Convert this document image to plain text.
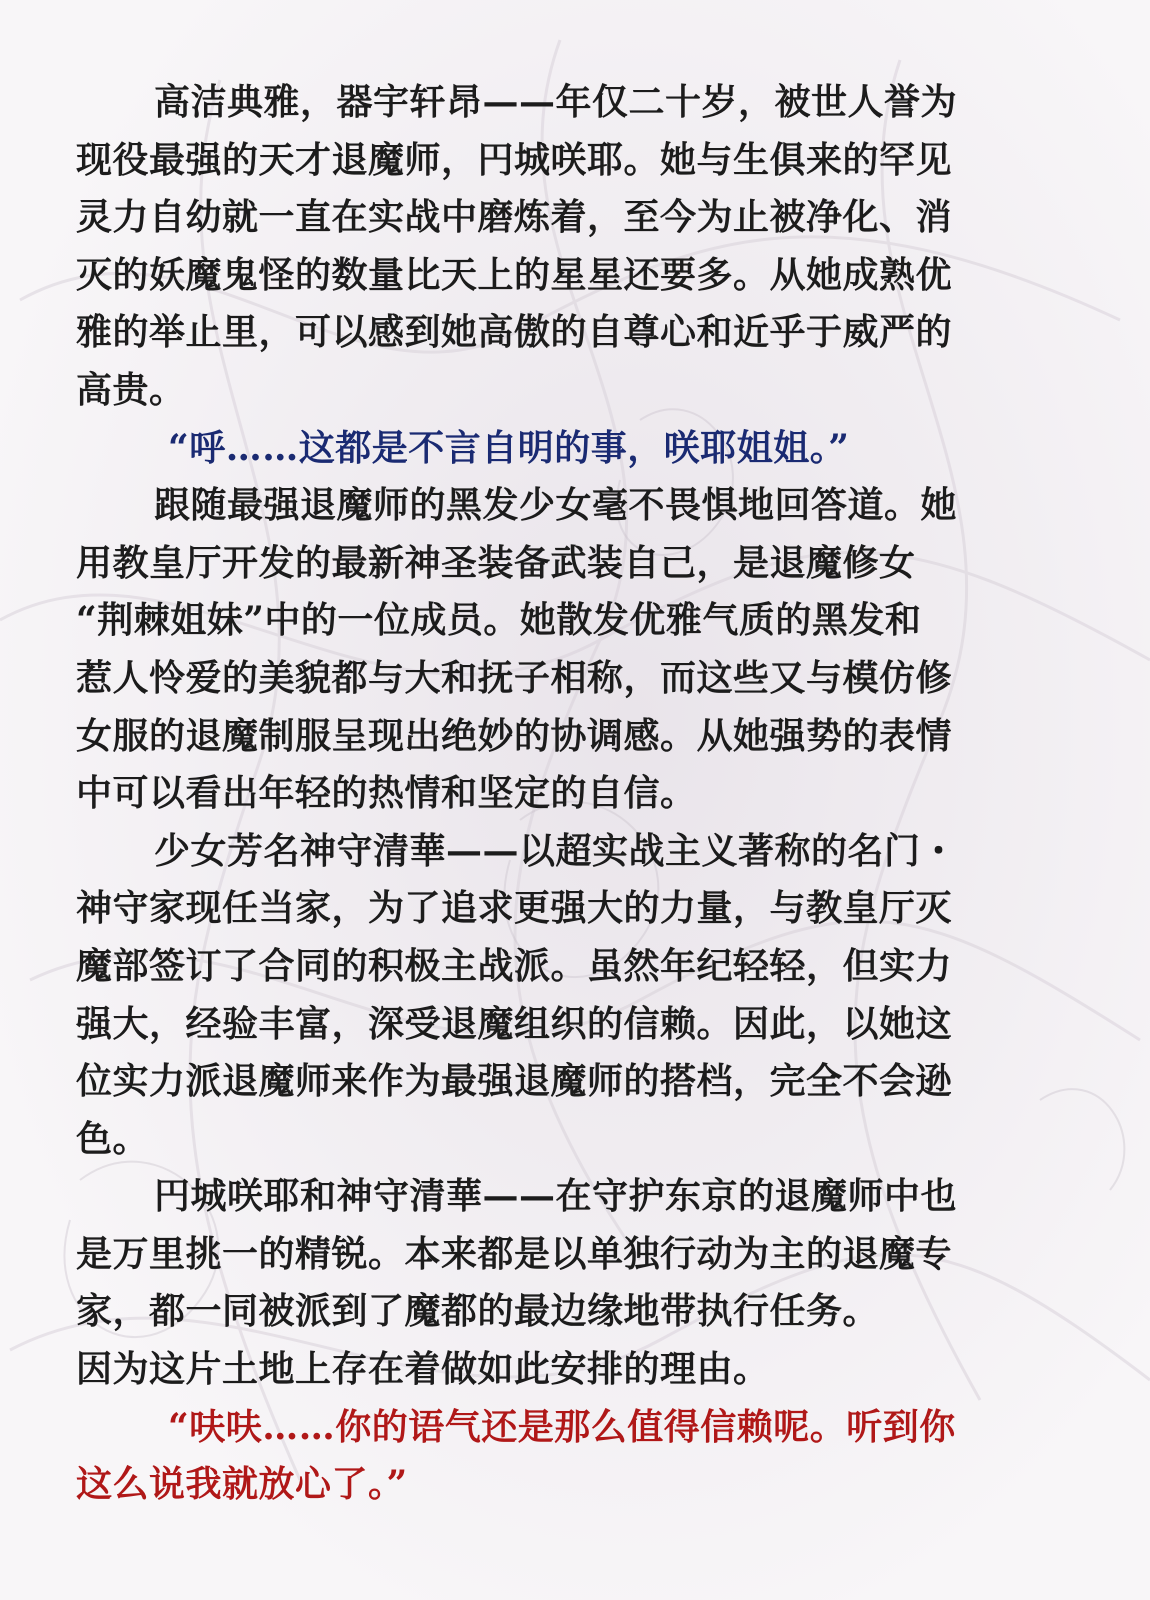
高洁典雅，器宇轩昂——年仅二十岁，被世人誉为
现役最强的天才退魔师，円城咲耶。她与生俱来的罕见
灵力自幼就一直在实战中磨炼着，至今为止被净化、消
灭的妖魔鬼怪的数量比天上的星星还要多。从她成熟优
雅的举止里，可以感到她高傲的自尊心和近乎于威严的
高贵。
“呼……这都是不言自明的事，咲耶姐姐。”
跟随最强退魔师的黑发少女毫不畏惧地回答道。她
用教皇厅开发的最新神圣装备武装自己，是退魔修女
“荆棘姐妹”中的一位成员。她散发优雅气质的黑发和
惹人怜爱的美貌都与大和抚子相称，而这些又与模仿修
女服的退魔制服呈现出绝妙的协调感。从她强势的表情
中可以看出年轻的热情和坚定的自信。
少女芳名神守清華——以超实战主义著称的名门・
神守家现任当家，为了追求更强大的力量，与教皇厅灭
魔部签订了合同的积极主战派。虽然年纪轻轻，但实力
强大，经验丰富，深受退魔组织的信赖。因此，以她这
位实力派退魔师来作为最强退魔师的搭档，完全不会逊
色。
円城咲耶和神守清華——在守护东京的退魔师中也
是万里挑一的精锐。本来都是以单独行动为主的退魔专
家，都一同被派到了魔都的最边缘地带执行任务。
因为这片土地上存在着做如此安排的理由。
“呋呋……你的语气还是那么值得信赖呢。听到你
这么说我就放心了。”
